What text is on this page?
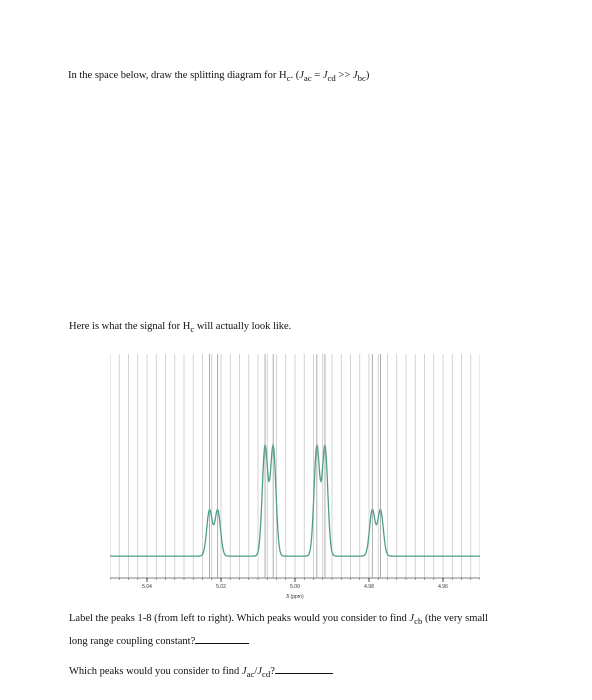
In the space below, draw the splitting diagram for $H_c$. $(J_{ac} = J_{cd} >> J_{bc})$
Here is what the signal for $H_c$ will actually look like.
5.04	5.02	5.00	4.98	4.96
δ (ppm)
Label the peaks 1-8 (from left to right). Which peaks would you consider to find $J_{cb}$ (the very small
long range coupling constant?
Which peaks would you consider to find $J_{ac}/J_{cd}$?
